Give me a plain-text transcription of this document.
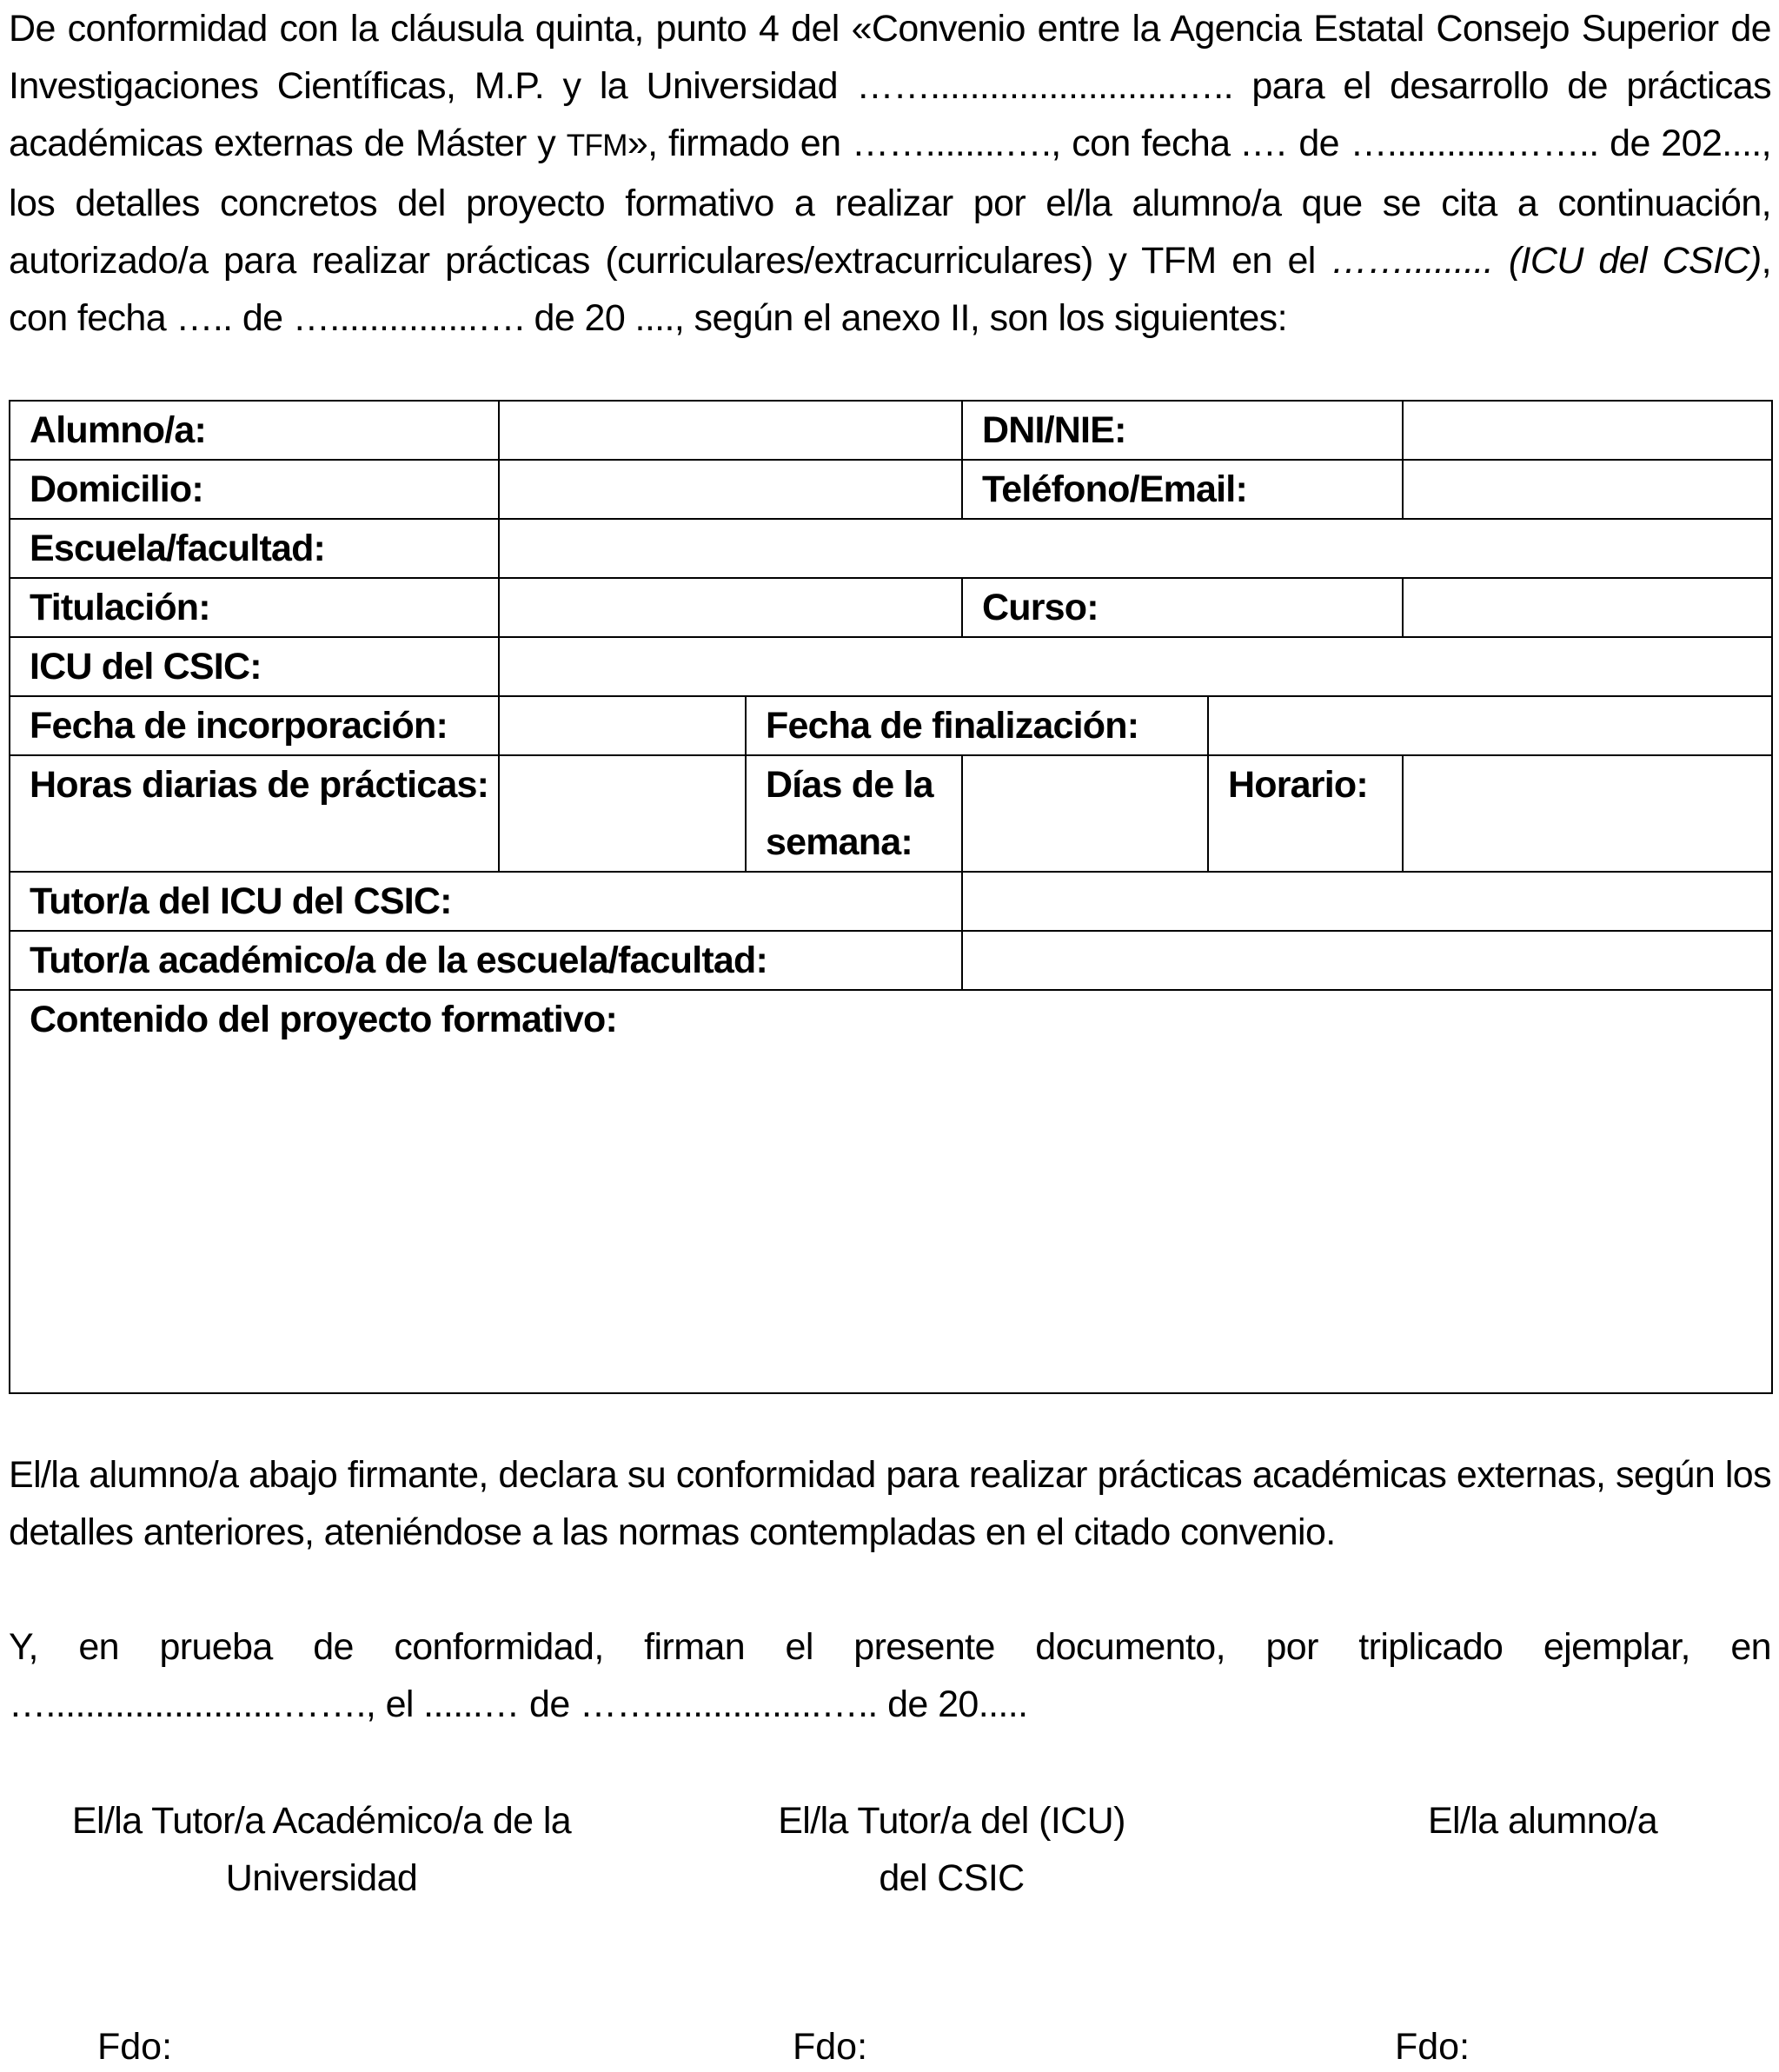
De conformidad con la cláusula quinta, punto 4 del «Convenio entre la Agencia Estatal Consejo Superior de Investigaciones Científicas, M.P. y la Universidad …….........................….. para el desarrollo de prácticas académicas externas de Máster y TFM», firmado en ……........…., con fecha .… de …............…….. de 202...., los detalles concretos del proyecto formativo a realizar por el/la alumno/a que se cita a continuación, autorizado/a para realizar prácticas (curriculares/extracurriculares) y TFM en el ……......... (ICU del CSIC), con fecha ….. de …...............…. de 20 ...., según el anexo II, son los siguientes:
Alumno/a:			DNI/NIE:		
Domicilio:			Teléfono/Email:		
Escuela/facultad:					
Titulación:			Curso:		
ICU del CSIC:					
Fecha de incorporación:		Fecha de finalización:			
Horas diarias de prácticas:		Días de la semana:		Horario:	
Tutor/a del ICU del CSIC:					
Tutor/a académico/a de la escuela/facultad:					
Contenido del proyecto formativo:					
El/la alumno/a abajo firmante, declara su conformidad para realizar prácticas académicas externas, según los detalles anteriores, ateniéndose a las normas contempladas en el citado convenio.
Y, en prueba de conformidad, firman el presente documento, por triplicado ejemplar, en …........................……., el ......… de …….................….. de 20.....
El/la Tutor/a Académico/a de la
Universidad
El/la Tutor/a del (ICU)
del CSIC
El/la alumno/a
Fdo:	Fdo:	Fdo:
